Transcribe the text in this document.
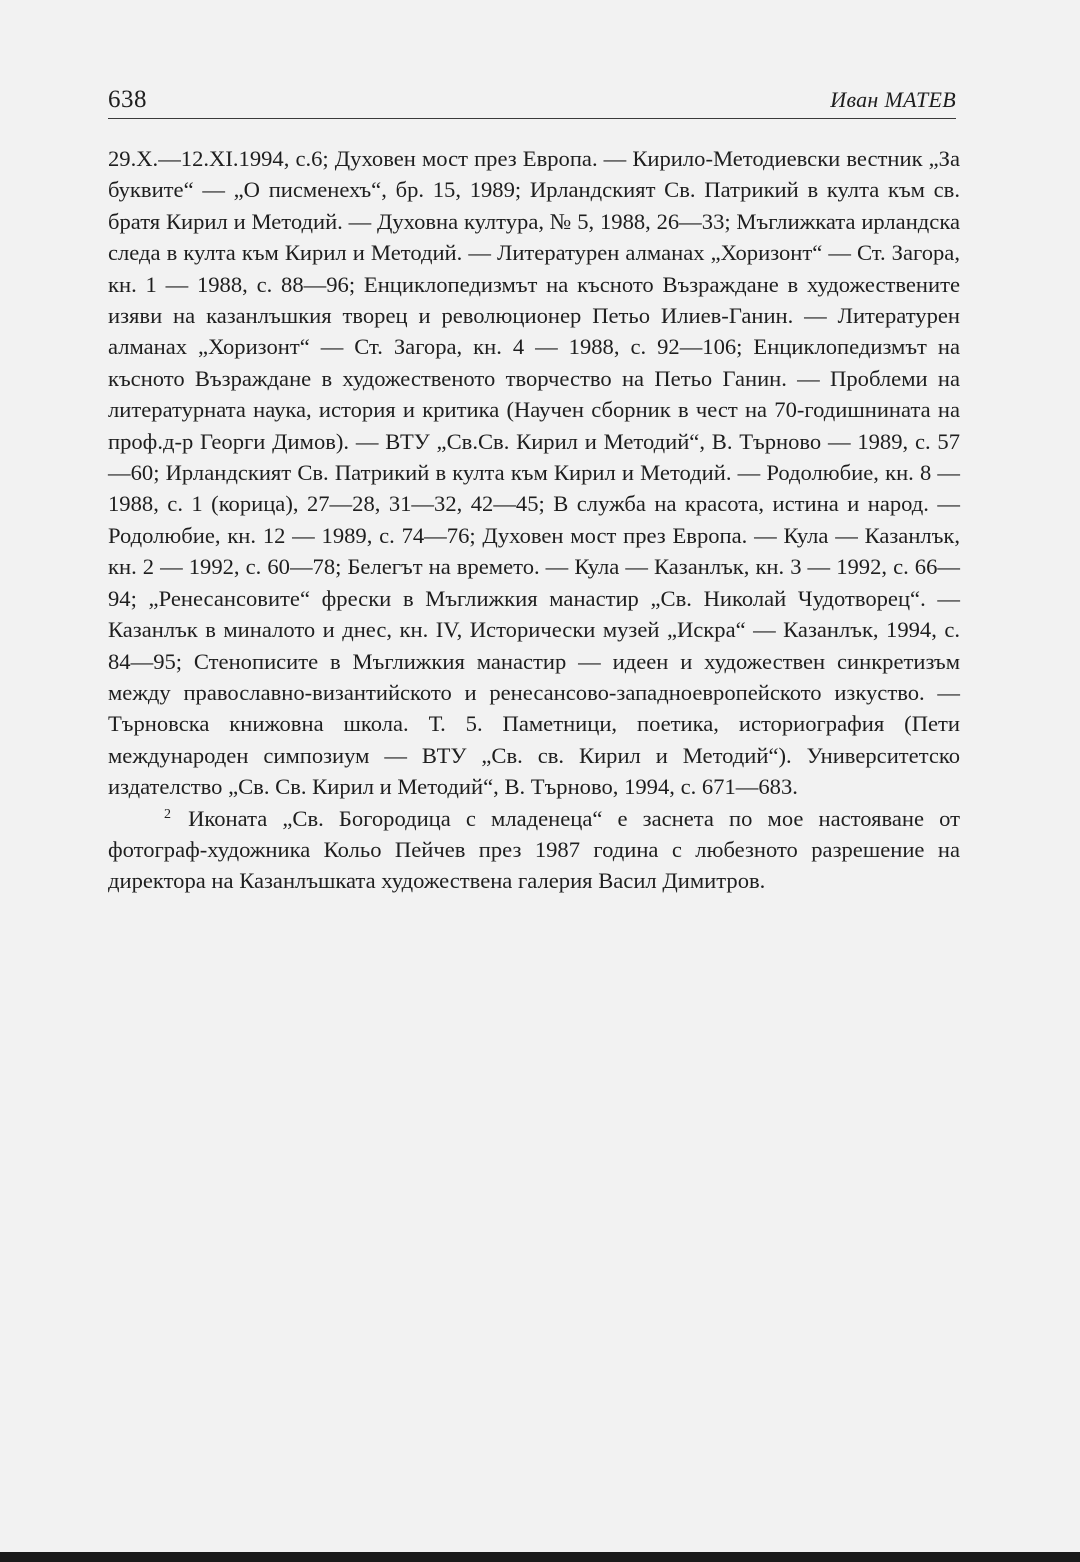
638	Иван МАТЕВ

29.X.—12.XI.1994, с.6; Духовен мост през Европа. — Кирило-Методиевски вестник „За буквите“ — „О писменехъ“, бр. 15, 1989; Ирландският Св. Патрикий в култа към св. братя Кирил и Методий. — Духовна култура, № 5, 1988, 26—33; Мъглижката ирландска следа в култа към Кирил и Методий. — Литературен алманах „Хоризонт“ — Ст. Загора, кн. 1 — 1988, с. 88—96; Енциклопедизмът на късното Възраждане в художествените изяви на казанлъшкия творец и революционер Петьо Илиев-Ганин. — Литературен алманах „Хоризонт“ — Ст. Загора, кн. 4 — 1988, с. 92—106; Енциклопедизмът на късното Възраждане в художественото творчество на Петьо Ганин. — Проблеми на литературната наука, история и критика (Научен сборник в чест на 70-годишнината на проф.д-р Георги Димов). — ВТУ „Св.Св. Кирил и Методий“, В. Търново — 1989, с. 57—60; Ирландският Св. Патрикий в култа към Кирил и Методий. — Родолюбие, кн. 8 —1988, с. 1 (корица), 27—28, 31—32, 42—45; В служба на красота, истина и народ. — Родолюбие, кн. 12 — 1989, с. 74—76; Духовен мост през Европа. — Кула — Казанлък, кн. 2 — 1992, с. 60—78; Белегът на времето. — Кула — Казанлък, кн. 3 — 1992, с. 66—94; „Ренесансовите“ фрески в Мъглижкия манастир „Св. Николай Чудотворец“. — Казанлък в миналото и днес, кн. IV, Исторически музей „Искра“ — Казанлък, 1994, с. 84—95; Стенописите в Мъглижкия манастир — идеен и художествен синкретизъм между православно-византийското и ренесансово-западноевропейското изкуство. — Търновска книжовна школа. Т. 5. Паметници, поетика, историография (Пети международен симпозиум — ВТУ „Св. св. Кирил и Методий“). Университетско издателство „Св. Св. Кирил и Методий“, В. Търново, 1994, с. 671—683.

$^2$ Иконата „Св. Богородица с младенеца“ е заснета по мое настояване от фотограф-художника Кольо Пейчев през 1987 година с любезното разрешение на директора на Казанлъшката художествена галерия Васил Димитров.
